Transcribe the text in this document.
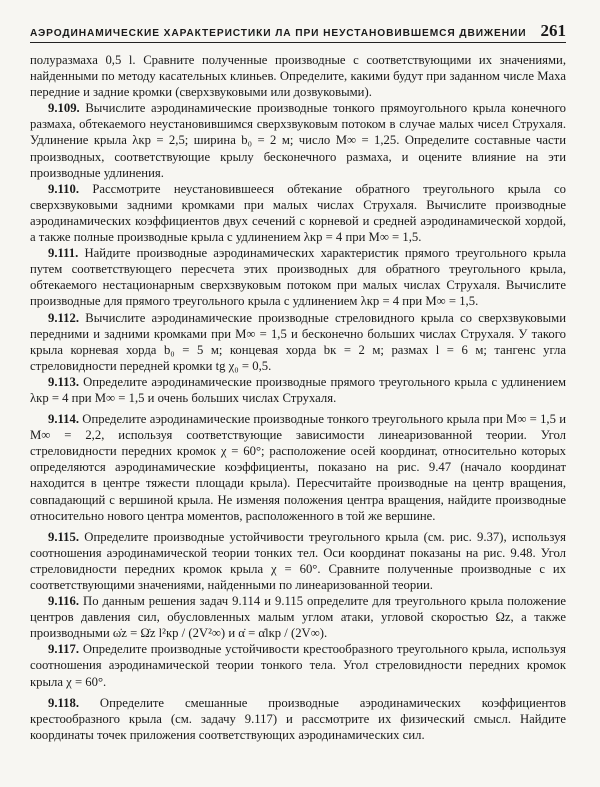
АЭРОДИНАМИЧЕСКИЕ ХАРАКТЕРИСТИКИ ЛА ПРИ НЕУСТАНОВИВШЕМСЯ ДВИЖЕНИИ 261

полуразмаха 0,5 l. Сравните полученные производные с соответствующими их значениями, найденными по методу касательных клиньев. Определите, какими будут при заданном числе Маха передние и задние кромки (сверхзвуковыми или дозвуковыми).

9.109. Вычислите аэродинамические производные тонкого прямоугольного крыла конечного размаха, обтекаемого неустановившимся сверхзвуковым потоком в случае малых чисел Струхаля. Удлинение крыла λкр = 2,5; ширина b₀ = 2 м; число M∞ = 1,25. Определите составные части производных, соответствующие крылу бесконечного размаха, и оцените влияние на эти производные удлинения.

9.110. Рассмотрите неустановившееся обтекание обратного треугольного крыла со сверхзвуковыми задними кромками при малых числах Струхаля. Вычислите производные аэродинамических коэффициентов двух сечений с корневой и средней аэродинамической хордой, а также полные производные крыла с удлинением λкр = 4 при M∞ = 1,5.

9.111. Найдите производные аэродинамических характеристик прямого треугольного крыла путем соответствующего пересчета этих производных для обратного треугольного крыла, обтекаемого нестационарным сверхзвуковым потоком при малых числах Струхаля. Вычислите производные для прямого треугольного крыла с удлинением λкр = 4 при M∞ = 1,5.

9.112. Вычислите аэродинамические производные стреловидного крыла со сверхзвуковыми передними и задними кромками при M∞ = 1,5 и бесконечно больших числах Струхаля. У такого крыла корневая хорда b₀ = 5 м; концевая хорда bк = 2 м; размах l = 6 м; тангенс угла стреловидности передней кромки tg χ₀ = 0,5.

9.113. Определите аэродинамические производные прямого треугольного крыла с удлинением λкр = 4 при M∞ = 1,5 и очень больших числах Струхаля.

9.114. Определите аэродинамические производные тонкого треугольного крыла при M∞ = 1,5 и M∞ = 2,2, используя соответствующие зависимости линеаризованной теории. Угол стреловидности передних кромок χ = 60°; расположение осей координат, относительно которых определяются аэродинамические коэффициенты, показано на рис. 9.47 (начало координат находится в центре тяжести площади крыла). Пересчитайте производные на центр вращения, совпадающий с вершиной крыла. Не изменяя положения центра вращения, найдите производные относительно нового центра моментов, расположенного в той же вершине.

9.115. Определите производные устойчивости треугольного крыла (см. рис. 9.37), используя соотношения аэродинамической теории тонких тел. Оси координат показаны на рис. 9.48. Угол стреловидности передних кромок крыла χ = 60°. Сравните полученные производные с их соответствующими значениями, найденными по линеаризованной теории.

9.116. По данным решения задач 9.114 и 9.115 определите для треугольного крыла положение центров давления сил, обусловленных малым углом атаки, угловой скоростью Ωz, а также производными ω̇z = Ω̇z l²кр / (2V²∞) и α̇ = α̇lкр / (2V∞).

9.117. Определите производные устойчивости крестообразного треугольного крыла, используя соотношения аэродинамической теории тонкого тела. Угол стреловидности передних кромок крыла χ = 60°.

9.118. Определите смешанные производные аэродинамических коэффициентов крестообразного крыла (см. задачу 9.117) и рассмотрите их физический смысл. Найдите координаты точек приложения соответствующих аэродинамических сил.
